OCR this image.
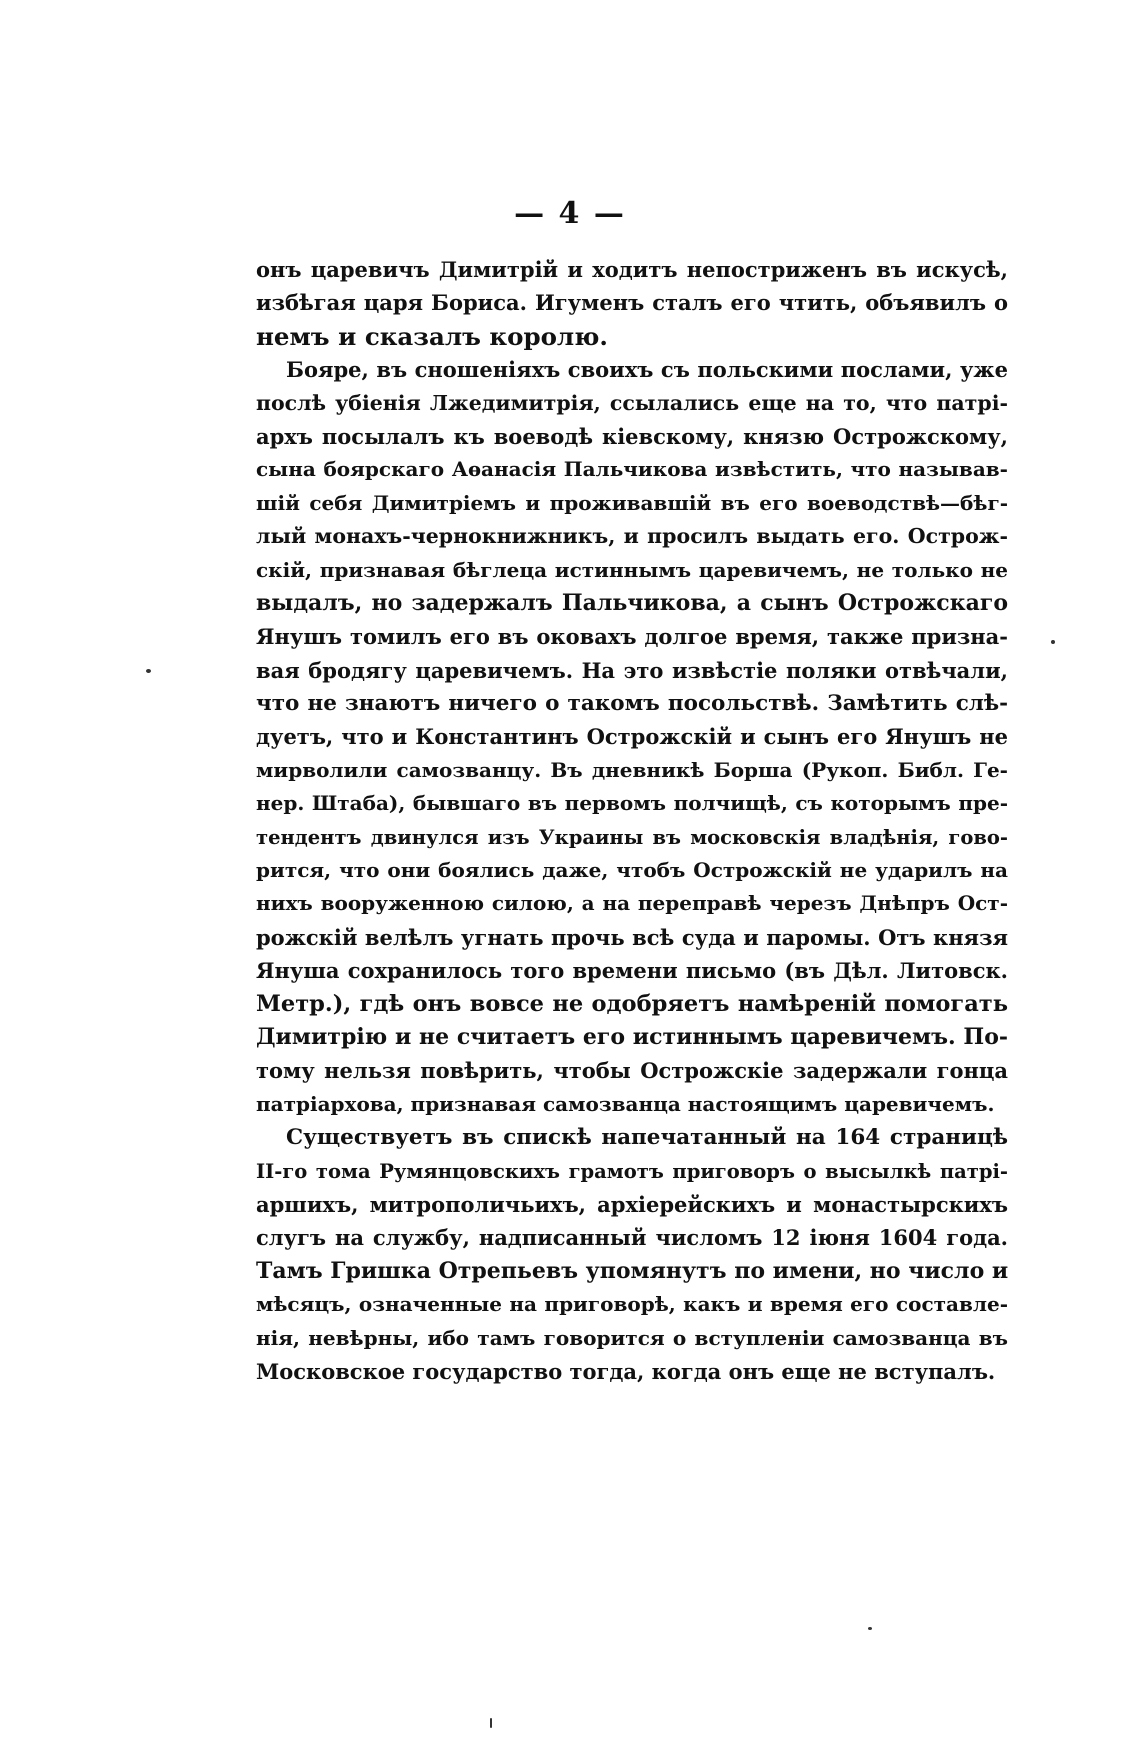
— 4 —
онъ царевичъ Димитрій и ходитъ непостриженъ въ искусѣ,
избѣгая царя Бориса. Игуменъ сталъ его чтить, объявилъ о
немъ и сказалъ королю.
Бояре, въ сношеніяхъ своихъ съ польскими послами, уже
послѣ убіенія Лжедимитрія, ссылались еще на то, что патрі-
архъ посылалъ къ воеводѣ кіевскому, князю Острожскому,
сына боярскаго Аѳанасія Пальчикова извѣстить, что называв-
шій себя Димитріемъ и проживавшій въ его воеводствѣ—бѣг-
лый монахъ-чернокнижникъ, и просилъ выдать его. Острож-
скій, признавая бѣглеца истиннымъ царевичемъ, не только не
выдалъ, но задержалъ Пальчикова, а сынъ Острожскаго
Янушъ томилъ его въ оковахъ долгое время, также призна-
вая бродягу царевичемъ. На это извѣстіе поляки отвѣчали,
что не знаютъ ничего о такомъ посольствѣ. Замѣтить слѣ-
дуетъ, что и Константинъ Острожскій и сынъ его Янушъ не
мирволили самозванцу. Въ дневникѣ Борша (Рукоп. Библ. Ге-
нер. Штаба), бывшаго въ первомъ полчищѣ, съ которымъ пре-
тендентъ двинулся изъ Украины въ московскія владѣнія, гово-
рится, что они боялись даже, чтобъ Острожскій не ударилъ на
нихъ вооруженною силою, а на переправѣ черезъ Днѣпръ Ост-
рожскій велѣлъ угнать прочь всѣ суда и паромы. Отъ князя
Януша сохранилось того времени письмо (въ Дѣл. Литовск.
Метр.), гдѣ онъ вовсе не одобряетъ намѣреній помогать
Димитрію и не считаетъ его истиннымъ царевичемъ. По-
тому нельзя повѣрить, чтобы Острожскіе задержали гонца
патріархова, признавая самозванца настоящимъ царевичемъ.
Существуетъ въ спискѣ напечатанный на 164 страницѣ
II-го тома Румянцовскихъ грамотъ приговоръ о высылкѣ патрі-
аршихъ, митрополичьихъ, архіерейскихъ и монастырскихъ
слугъ на службу, надписанный числомъ 12 іюня 1604 года.
Тамъ Гришка Отрепьевъ упомянутъ по имени, но число и
мѣсяцъ, означенные на приговорѣ, какъ и время его составле-
нія, невѣрны, ибо тамъ говорится о вступленіи самозванца въ
Московское государство тогда, когда онъ еще не вступалъ.
